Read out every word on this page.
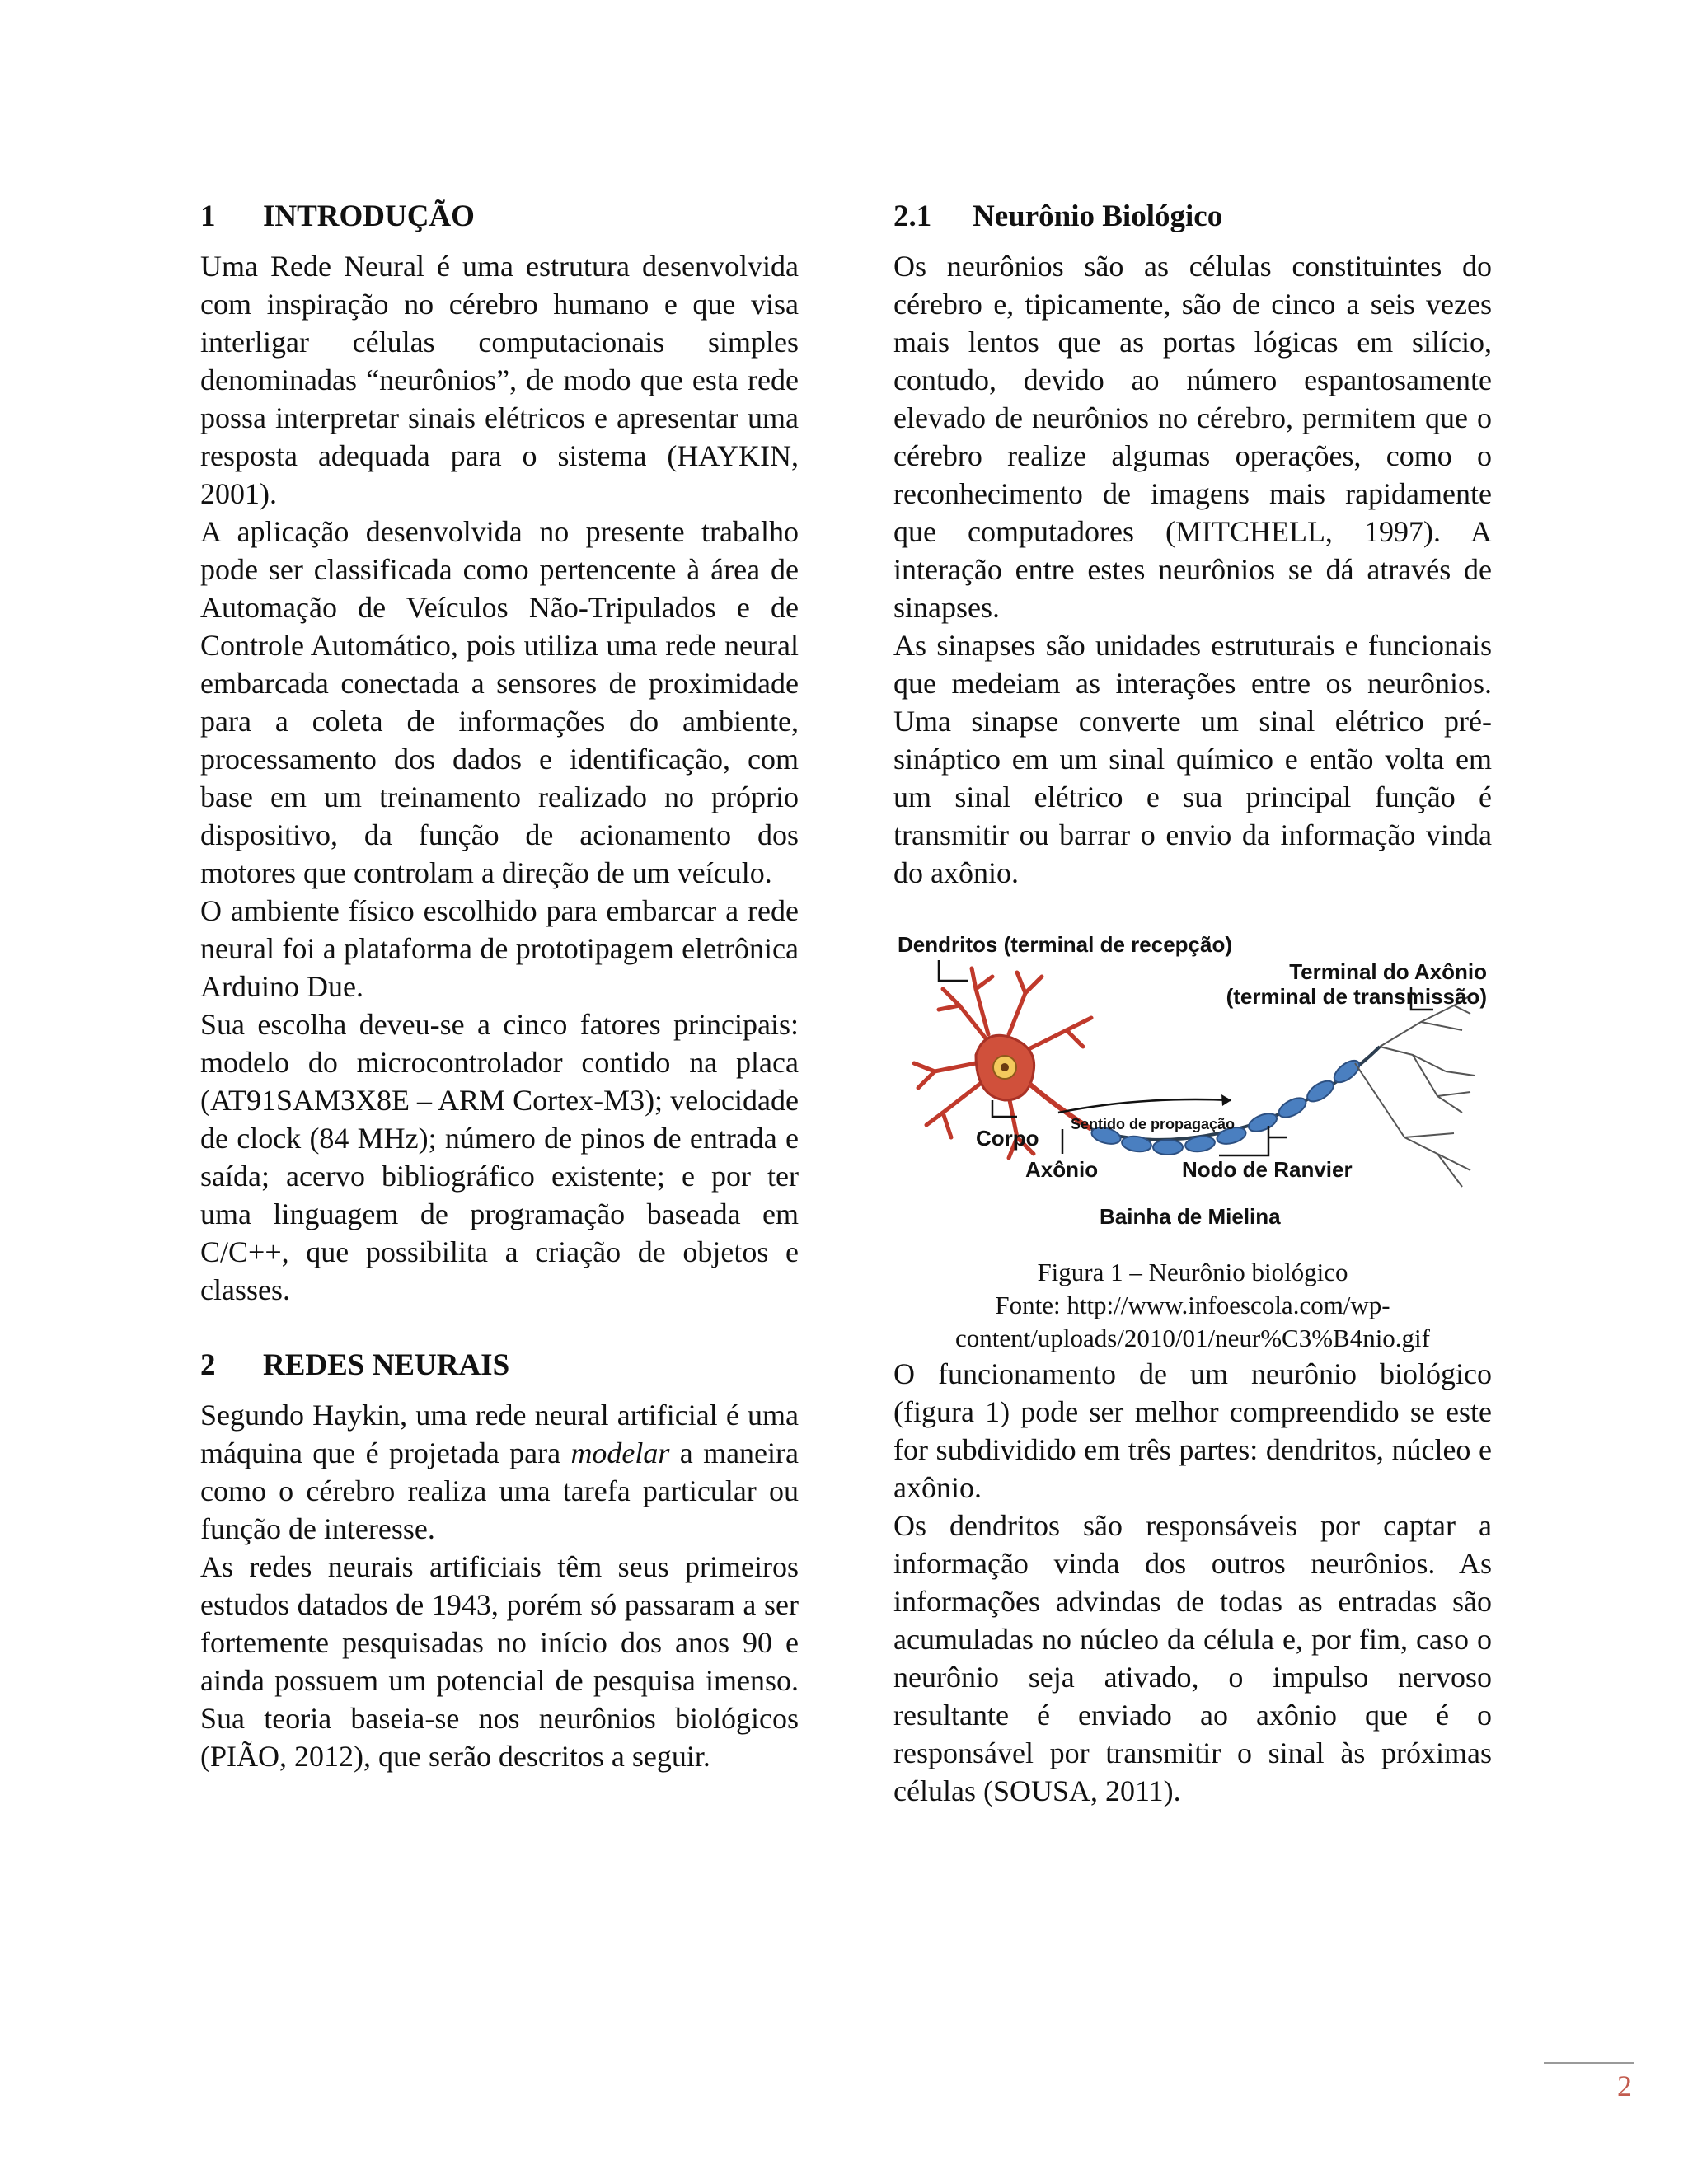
1	INTRODUÇÃO

Uma Rede Neural é uma estrutura desenvolvida com inspiração no cérebro humano e que visa interligar células computacionais simples denominadas “neurônios”, de modo que esta rede possa interpretar sinais elétricos e apresentar uma resposta adequada para o sistema (HAYKIN, 2001).

A aplicação desenvolvida no presente trabalho pode ser classificada como pertencente à área de Automação de Veículos Não-Tripulados e de Controle Automático, pois utiliza uma rede neural embarcada conectada a sensores de proximidade para a coleta de informações do ambiente, processamento dos dados e identificação, com base em um treinamento realizado no próprio dispositivo, da função de acionamento dos motores que controlam a direção de um veículo.

O ambiente físico escolhido para embarcar a rede neural foi a plataforma de prototipagem eletrônica Arduino Due.

Sua escolha deveu-se a cinco fatores principais: modelo do microcontrolador contido na placa (AT91SAM3X8E – ARM Cortex-M3); velocidade de clock (84 MHz); número de pinos de entrada e saída; acervo bibliográfico existente; e por ter uma linguagem de programação baseada em C/C++, que possibilita a criação de objetos e classes.

2	REDES NEURAIS

Segundo Haykin, uma rede neural artificial é uma máquina que é projetada para modelar a maneira como o cérebro realiza uma tarefa particular ou função de interesse.

As redes neurais artificiais têm seus primeiros estudos datados de 1943, porém só passaram a ser fortemente pesquisadas no início dos anos 90 e ainda possuem um potencial de pesquisa imenso. Sua teoria baseia-se nos neurônios biológicos (PIÃO, 2012), que serão descritos a seguir.

2.1	Neurônio Biológico

Os neurônios são as células constituintes do cérebro e, tipicamente, são de cinco a seis vezes mais lentos que as portas lógicas em silício, contudo, devido ao número espantosamente elevado de neurônios no cérebro, permitem que o cérebro realize algumas operações, como o reconhecimento de imagens mais rapidamente que computadores (MITCHELL, 1997). A interação entre estes neurônios se dá através de sinapses.

As sinapses são unidades estruturais e funcionais que medeiam as interações entre os neurônios. Uma sinapse converte um sinal elétrico pré-sináptico em um sinal químico e então volta em um sinal elétrico e sua principal função é transmitir ou barrar o envio da informação vinda do axônio.

Dendritos (terminal de recepção)
Terminal do Axônio
(terminal de transmissão)
Sentido de propagação
Corpo
Axônio	Nodo de Ranvier
Bainha de Mielina
Figura 1 – Neurônio biológico
Fonte: http://www.infoescola.com/wp-
content/uploads/2010/01/neur%C3%B4nio.gif

O funcionamento de um neurônio biológico (figura 1) pode ser melhor compreendido se este for subdividido em três partes: dendritos, núcleo e axônio.

Os dendritos são responsáveis por captar a informação vinda dos outros neurônios. As informações advindas de todas as entradas são acumuladas no núcleo da célula e, por fim, caso o neurônio seja ativado, o impulso nervoso resultante é enviado ao axônio que é o responsável por transmitir o sinal às próximas células (SOUSA, 2011).

2
